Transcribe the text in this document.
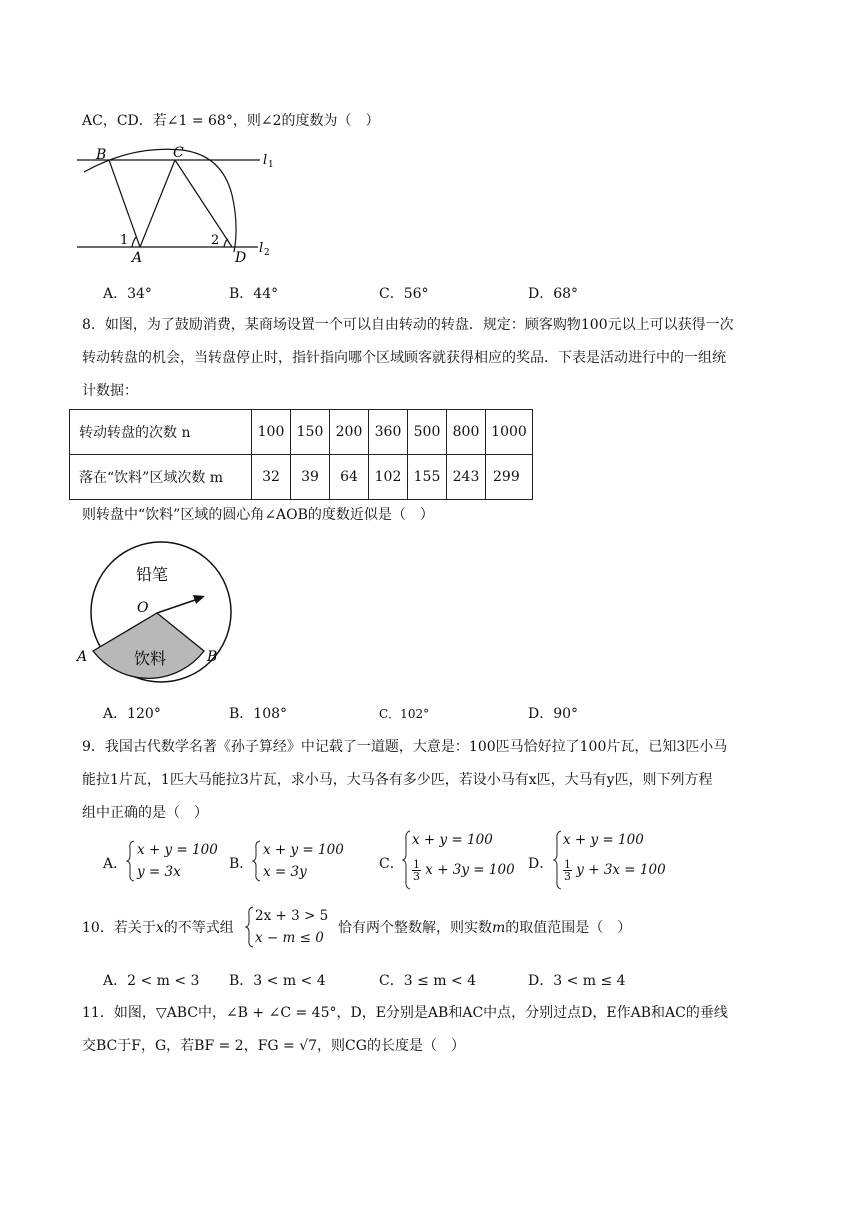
AC，CD．若∠1 = 68°，则∠2的度数为（　）
B	C
A	D
l 1
l 2
1	2
A．34°	B．44°	C．56°	D．68°
8．如图，为了鼓励消费，某商场设置一个可以自由转动的转盘．规定：顾客购物100元以上可以获得一次
转动转盘的机会，当转盘停止时，指针指向哪个区域顾客就获得相应的奖品．下表是活动进行中的一组统
计数据：
转动转盘的次数 n	100	150	200	360	500	800	1000
落在“饮料”区域次数 m	32	39	64	102	155	243	299
则转盘中“饮料”区域的圆心角∠AOB的度数近似是（　）
铅笔
饮料
O
A	B
A．120°	B．108°	C．102°	D．90°
9．我国古代数学名著《孙子算经》中记载了一道题，大意是：100匹马恰好拉了100片瓦，已知3匹小马
能拉1片瓦，1匹大马能拉3片瓦，求小马，大马各有多少匹，若设小马有x匹，大马有y匹，则下列方程
组中正确的是（　）
A．
x + y = 100
y = 3x	B．
x + y = 100
x = 3y	C．
x + y = 100
$\frac{1}{3}$ x + 3y = 100 D．
x + y = 100
$\frac{1}{3}$ y + 3x = 100
10．若关于x的不等式组
2x + 3 > 5
x − m ≤ 0
恰有两个整数解，则实数m的取值范围是（　）
A．2 < m < 3 B．3 < m < 4	C．3 ≤ m < 4	D．3 < m ≤ 4
11．如图，▽ABC中，∠B + ∠C = 45°，D，E分别是AB和AC中点，分别过点D，E作AB和AC的垂线
交BC于F，G，若BF = 2，FG = √7，则CG的长度是（　）
